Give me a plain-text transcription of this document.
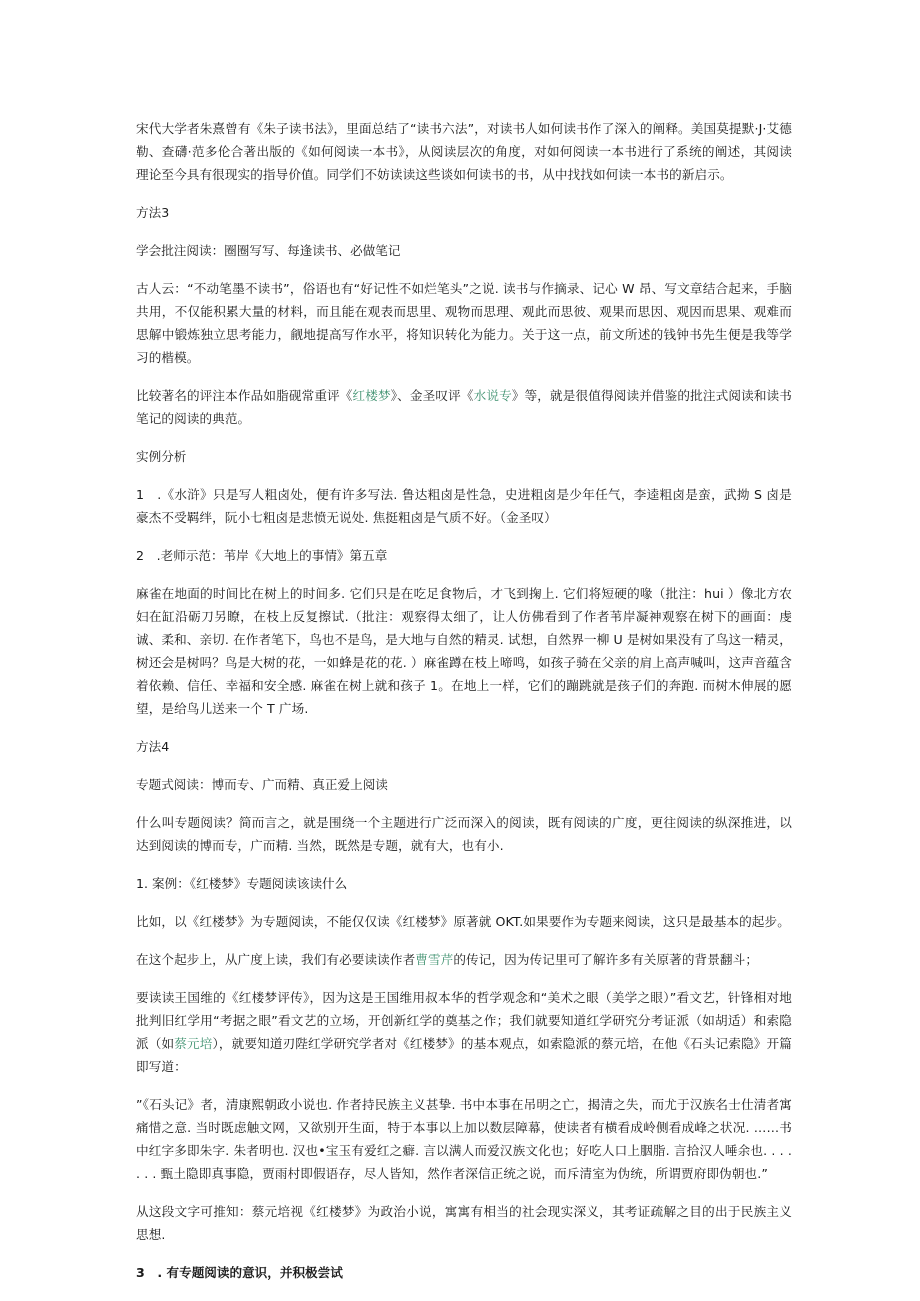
宋代大学者朱熹曾有《朱子读书法》，里面总结了“读书六法”，对读书人如何读书作了深入的阐释。美国莫提默·J·艾德勒、查礴·范多伦合著出版的《如何阅读一本书》，从阅读层次的角度，对如何阅读一本书进行了系统的阐述，其阅读理论至今具有很现实的指导价值。同学们不妨读读这些谈如何读书的书，从中找找如何读一本书的新启示。

方法3

学会批注阅读：圈圈写写、每逢读书、必做笔记

古人云：“不动笔墨不读书”，俗语也有“好记性不如烂笔头”之说. 读书与作摘录、记心 W 昂、写文章结合起来，手脑共用，不仅能积累大量的材料，而且能在观表而思里、观物而思理、观此而思彼、观果而思因、观因而思果、观难而思解中锻炼独立思考能力，觎地提高写作水平，将知识转化为能力。关于这一点，前文所述的钱钟书先生便是我等学习的楷模。

比较著名的评注本作品如脂砚常重评《红楼梦》、金圣叹评《水说专》等，就是很值得阅读并借鉴的批注式阅读和读书笔记的阅读的典范。

实例分析

1　.《水浒》只是写人粗卤处，便有许多写法. 鲁达粗卤是性急，史进粗卤是少年任气，李逵粗卤是蛮，武拗 S 卤是豪杰不受羁绊，阮小七粗卤是悲愤无说处. 焦挺粗卤是气质不好。（金圣叹）

2　.老师示范：苇岸《大地上的事情》第五章

麻雀在地面的时间比在树上的时间多. 它们只是在吃足食物后，才飞到掬上. 它们将短硬的喙（批注：hui ）像北方农妇在缸沿砺刀另瞭，在枝上反复擦试.（批注：观察得太细了，让人仿佛看到了作者苇岸凝神观察在树下的画面：虔诚、柔和、亲切. 在作者笔下，鸟也不是鸟，是大地与自然的精灵. 试想，自然界一柳 U 是树如果没有了鸟这一精灵，树还会是树吗？鸟是大树的花，一如蜂是花的花. ）麻雀蹲在枝上啼鸣，如孩子骑在父亲的肩上高声喊叫，这声音蕴含着依赖、信任、幸福和安全感. 麻雀在树上就和孩子 1。在地上一样，它们的蹦跳就是孩子们的奔跑. 而树木伸展的愿望，是给鸟儿送来一个 T 广场.

方法4

专题式阅读：博而专、广而精、真正爱上阅读

什么叫专题阅读？简而言之，就是围绕一个主题进行广泛而深入的阅读，既有阅读的广度，更往阅读的纵深推进，以达到阅读的博而专，广而精. 当然，既然是专题，就有大，也有小.

1. 案例：《红楼梦》专题阅读该读什么

比如，以《红楼梦》为专题阅读，不能仅仅读《红楼梦》原著就 OKT.如果要作为专题来阅读，这只是最基本的起步。

在这个起步上，从广度上读，我们有必要读读作者曹雪芹的传记，因为传记里可了解许多有关原著的背景翻斗；

要读读王国维的《红楼梦评传》，因为这是王国维用叔本华的哲学观念和“美术之眼（美学之眼）”看文艺，针锋相对地批判旧红学用“考据之眼”看文艺的立场，开创新红学的奠基之作；我们就要知道红学研究分考证派（如胡适）和索隐派（如蔡元培），就要知道刃陛红学研究学者对《红楼梦》的基本观点，如索隐派的蔡元培，在他《石头记索隐》开篇即写道：

”《石头记》者，清康熙朝政小说也. 作者持民族主义甚挚. 书中本事在吊明之亡，揭清之失，而尤于汉族名士仕清者寓痛惜之意. 当时既虑触文网，又欲别开生面，特于本事以上加以数层障幕，使读者有横看成岭侧看成峰之状况. ……书中红字多即朱字. 朱者明也. 汉也•宝玉有爱红之癖. 言以满人而爱汉族文化也；好吃人口上胭脂. 言拾汉人唾余也. . . . . . . 甄土隐即真事隐，贾雨村即假语存，尽人皆知，然作者深信正统之说，而斥清室为伪统，所谓贾府即伪朝也.”

从这段文字可推知：蔡元培视《红楼梦》为政治小说，寓寓有相当的社会现实深义，其考证疏解之目的出于民族主义思想.

3　. 有专题阅读的意识，并积极尝试
